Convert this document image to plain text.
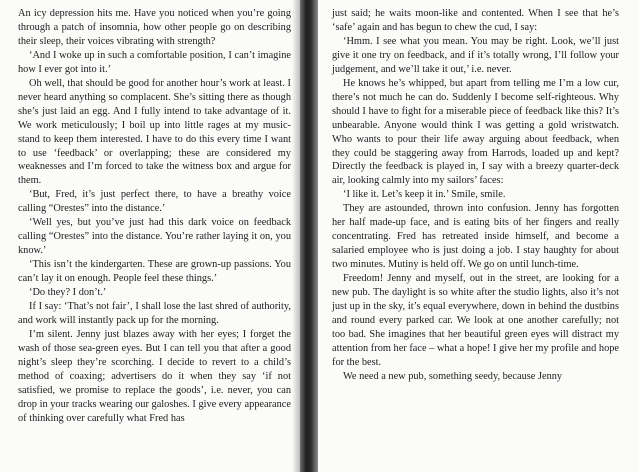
An icy depression hits me. Have you noticed when you’re going through a patch of insomnia, how other people go on describing their sleep, their voices vibrating with strength?

‘And I woke up in such a comfortable position, I can’t imagine how I ever got into it.’

Oh well, that should be good for another hour’s work at least. I never heard anything so complacent. She’s sitting there as though she’s just laid an egg. And I fully intend to take advantage of it. We work meticulously; I boil up into little rages at my music-stand to keep them interested. I have to do this every time I want to use ‘feedback’ or overlapping; these are considered my weaknesses and I’m forced to take the witness box and argue for them.

‘But, Fred, it’s just perfect there, to have a breathy voice calling “Orestes” into the distance.’

‘Well yes, but you’ve just had this dark voice on feedback calling “Orestes” into the distance. You’re rather laying it on, you know.’

‘This isn’t the kindergarten. These are grown-up passions. You can’t lay it on enough. People feel these things.’

‘Do they? I don’t.’

If I say: ‘That’s not fair’, I shall lose the last shred of authority, and work will instantly pack up for the morning.

I’m silent. Jenny just blazes away with her eyes; I forget the wash of those sea-green eyes. But I can tell you that after a good night’s sleep they’re scorching. I decide to revert to a child’s method of coaxing; advertisers do it when they say ‘if not satisfied, we promise to replace the goods’, i.e. never, you can drop in your tracks wearing our galoshes. I give every appearance of thinking over carefully what Fred has

just said; he waits moon-like and contented. When I see that he’s ‘safe’ again and has begun to chew the cud, I say:

‘Hmm. I see what you mean. You may be right. Look, we’ll just give it one try on feedback, and if it’s totally wrong, I’ll follow your judgement, and we’ll take it out,’ i.e. never.

He knows he’s whipped, but apart from telling me I’m a low cur, there’s not much he can do. Suddenly I become self-righteous. Why should I have to fight for a miserable piece of feedback like this? It’s unbearable. Anyone would think I was getting a gold wristwatch. Who wants to pour their life away arguing about feedback, when they could be staggering away from Harrods, loaded up and kept? Directly the feedback is played in, I say with a breezy quarter-deck air, looking calmly into my sailors’ faces:

‘I like it. Let’s keep it in.’ Smile, smile.

They are astounded, thrown into confusion. Jenny has forgotten her half made-up face, and is eating bits of her fingers and really concentrating. Fred has retreated inside himself, and become a salaried employee who is just doing a job. I stay haughty for about two minutes. Mutiny is held off. We go on until lunch-time.

Freedom! Jenny and myself, out in the street, are looking for a new pub. The daylight is so white after the studio lights, also it’s not just up in the sky, it’s equal everywhere, down in behind the dustbins and round every parked car. We look at one another carefully; not too bad. She imagines that her beautiful green eyes will distract my attention from her face – what a hope! I give her my profile and hope for the best.

We need a new pub, something seedy, because Jenny
